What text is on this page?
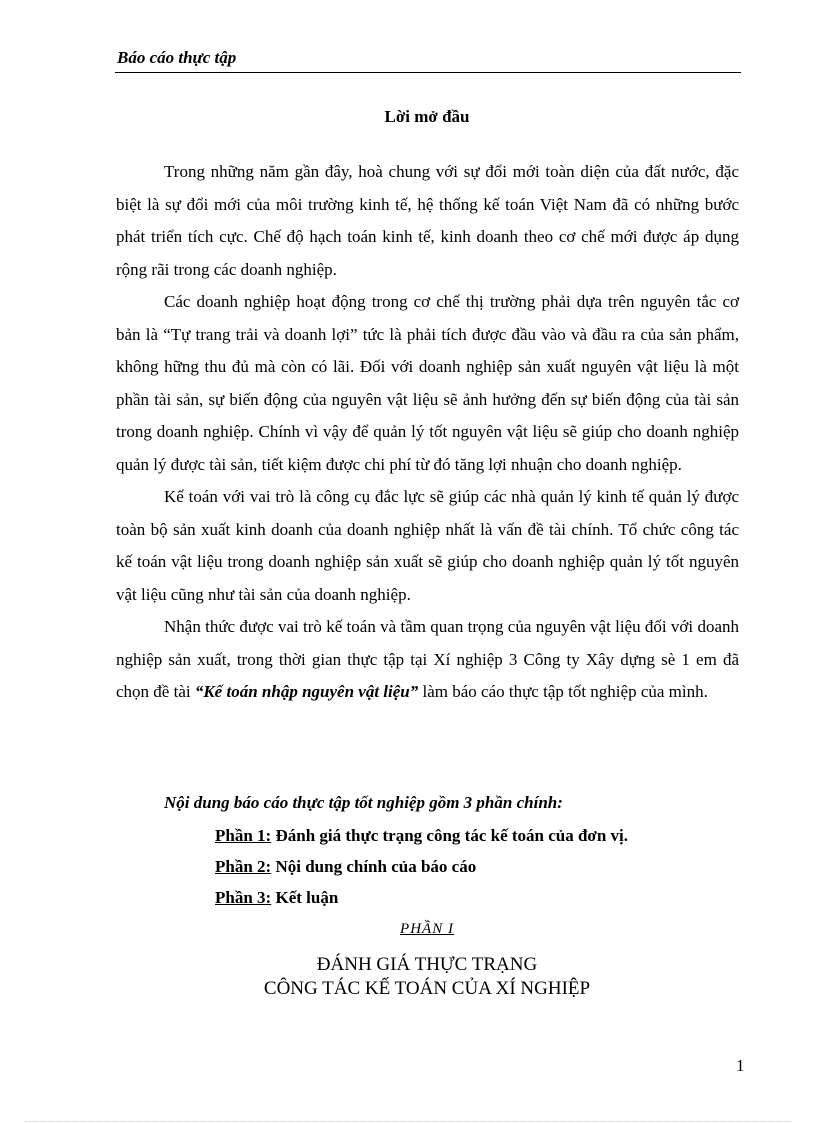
Báo cáo thực tập
Lời mở đầu

Trong những năm gần đây, hoà chung với sự đổi mới toàn diện của đất nước, đặc biệt là sự đổi mới của môi trường kinh tế, hệ thống kế toán Việt Nam đã có những bước phát triển tích cực. Chế độ hạch toán kinh tế, kinh doanh theo cơ chế mới được áp dụng rộng rãi trong các doanh nghiệp.

Các doanh nghiệp hoạt động trong cơ chế thị trường phải dựa trên nguyên tắc cơ bản là “Tự trang trải và doanh lợi” tức là phải tích được đầu vào và đầu ra của sản phẩm, không hững thu đủ mà còn có lãi. Đối với doanh nghiệp sản xuất nguyên vật liệu là một phần tài sản, sự biến động của nguyên vật liệu sẽ ảnh hưởng đến sự biến động của tài sản trong doanh nghiệp. Chính vì vậy để quản lý tốt nguyên vật liệu sẽ giúp cho doanh nghiệp quản lý được tài sản, tiết kiệm được chi phí từ đó tăng lợi nhuận cho doanh nghiệp.

Kế toán với vai trò là công cụ đắc lực sẽ giúp các nhà quản lý kinh tế quản lý được toàn bộ sản xuất kinh doanh của doanh nghiệp nhất là vấn đề tài chính. Tổ chức công tác kế toán vật liệu trong doanh nghiệp sản xuất sẽ giúp cho doanh nghiệp quản lý tốt nguyên vật liệu cũng như tài sản của doanh nghiệp.

Nhận thức được vai trò kế toán và tầm quan trọng của nguyên vật liệu đối với doanh nghiệp sản xuất, trong thời gian thực tập tại Xí nghiệp 3 Công ty Xây dựng sè 1 em đã chọn đề tài “Kế toán nhập nguyên vật liệu” làm báo cáo thực tập tốt nghiệp của mình.

Nội dung báo cáo thực tập tốt nghiệp gồm 3 phần chính:
Phần 1: Đánh giá thực trạng công tác kế toán của đơn vị.
Phần 2: Nội dung chính của báo cáo
Phần 3: Kết luận
PHẦN I
ĐÁNH GIÁ THỰC TRẠNG
CÔNG TÁC KẾ TOÁN CỦA XÍ NGHIỆP
1
